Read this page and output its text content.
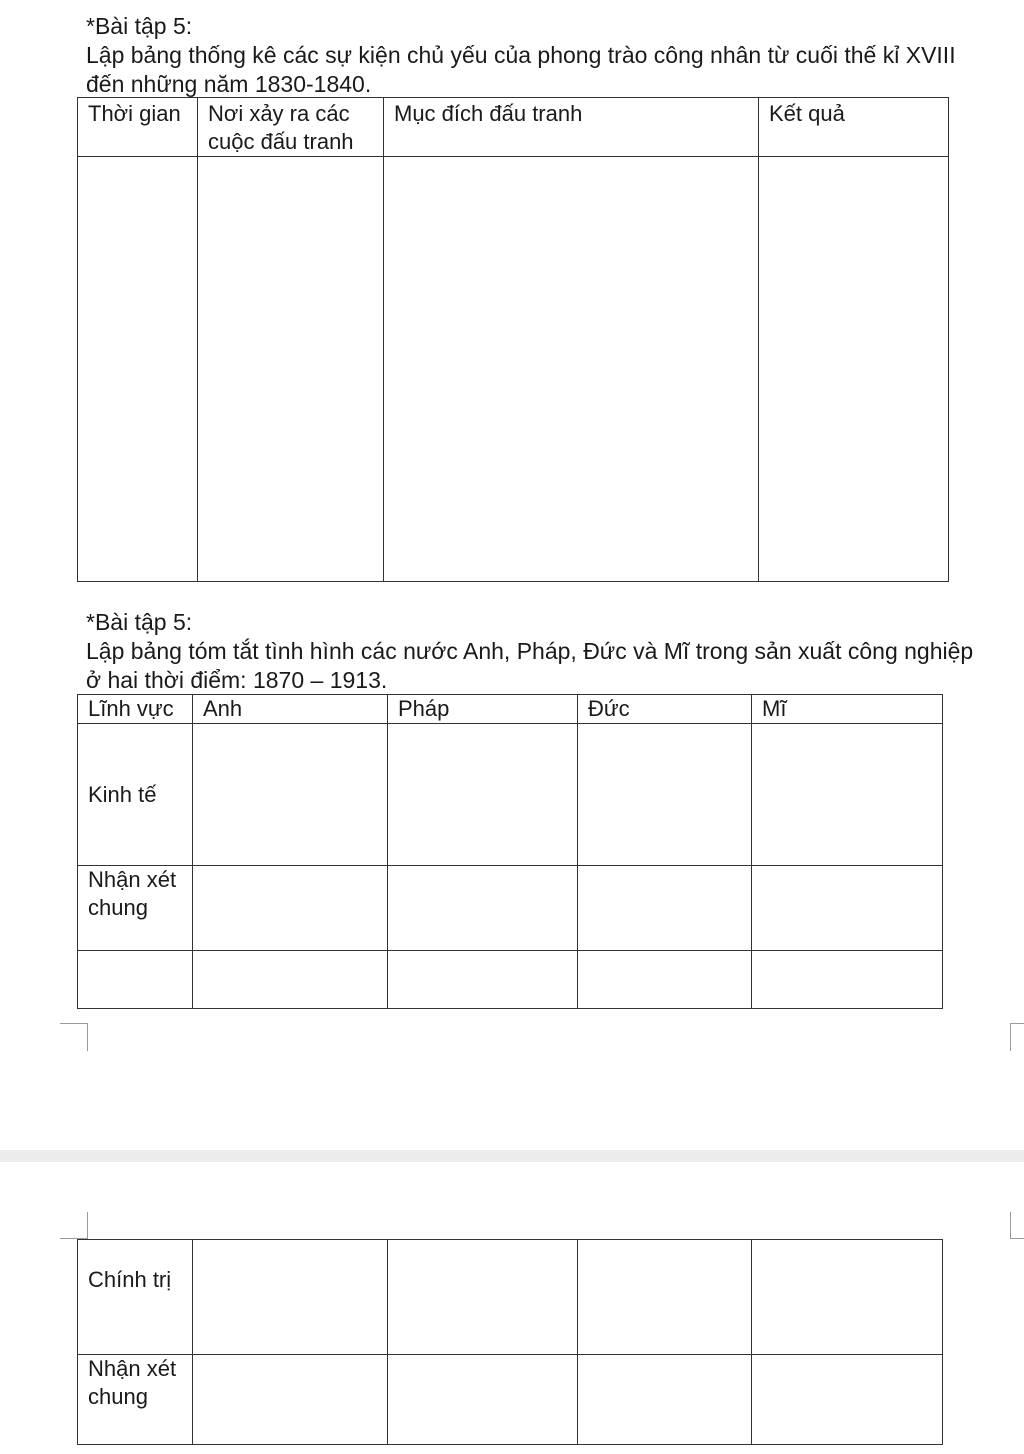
*Bài tập 5:
Lập bảng thống kê các sự kiện chủ yếu của phong trào công nhân từ cuối thế kỉ XVIII đến những năm 1830-1840.
Thời gian	Nơi xảy ra các cuộc đấu tranh	Mục đích đấu tranh	Kết quả

*Bài tập 5:
Lập bảng tóm tắt tình hình các nước Anh, Pháp, Đức và Mĩ trong sản xuất công nghiệp ở hai thời điểm: 1870 – 1913.
Lĩnh vực	Anh	Pháp	Đức	Mĩ
Kinh tế				
Nhận xét chung				

Chính trị				
Nhận xét chung				
